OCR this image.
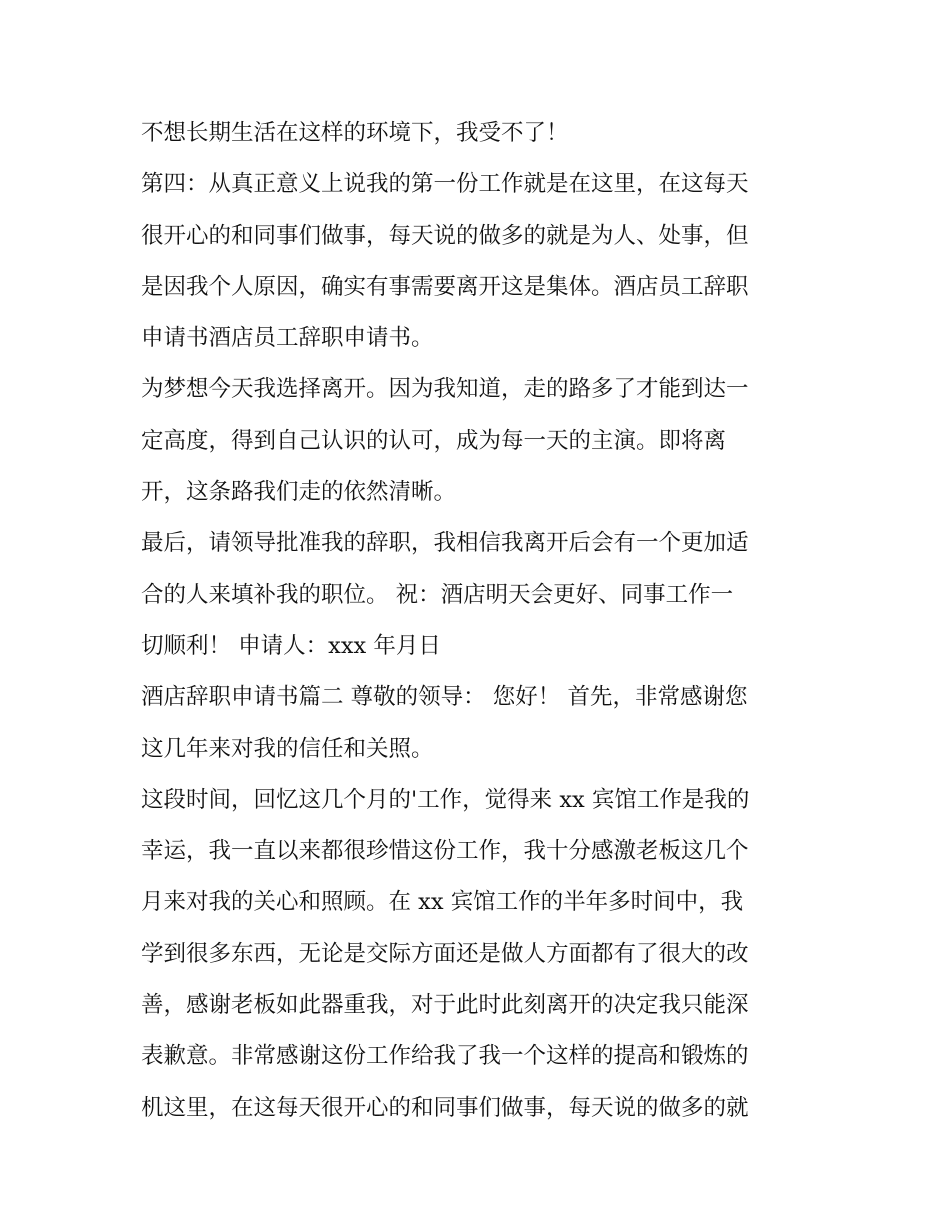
不想长期生活在这样的环境下，我受不了！
第四：从真正意义上说我的第一份工作就是在这里，在这每天
很开心的和同事们做事，每天说的做多的就是为人、处事，但
是因我个人原因，确实有事需要离开这是集体。酒店员工辞职
申请书酒店员工辞职申请书。
为梦想今天我选择离开。因为我知道，走的路多了才能到达一
定高度，得到自己认识的认可，成为每一天的主演。即将离
开，这条路我们走的依然清晰。
最后，请领导批准我的辞职，我相信我离开后会有一个更加适
合的人来填补我的职位。 祝：酒店明天会更好、同事工作一
切顺利！ 申请人：xxx 年月日
酒店辞职申请书篇二 尊敬的领导： 您好！ 首先，非常感谢您
这几年来对我的信任和关照。
这段时间，回忆这几个月的'工作，觉得来 xx 宾馆工作是我的
幸运，我一直以来都很珍惜这份工作，我十分感激老板这几个
月来对我的关心和照顾。在 xx 宾馆工作的半年多时间中，我
学到很多东西，无论是交际方面还是做人方面都有了很大的改
善，感谢老板如此器重我，对于此时此刻离开的决定我只能深
表歉意。非常感谢这份工作给我了我一个这样的提高和锻炼的
机这里，在这每天很开心的和同事们做事，每天说的做多的就
